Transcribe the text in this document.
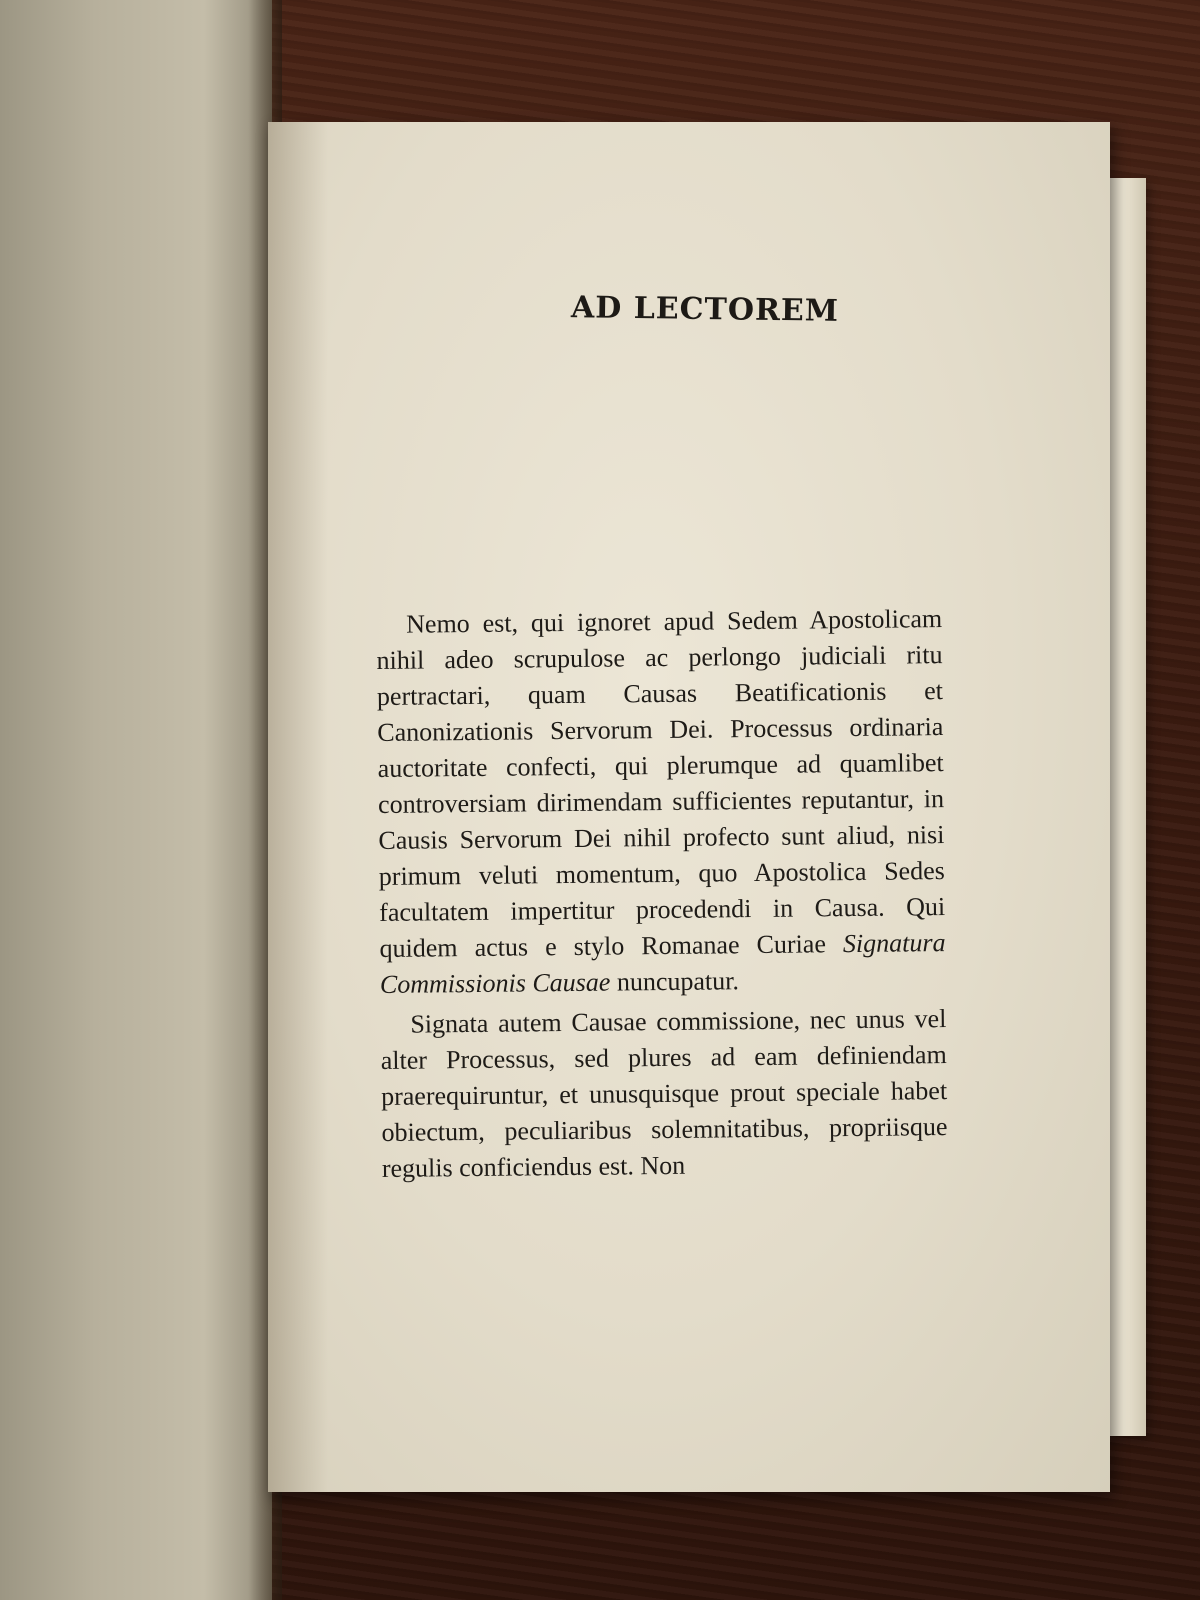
AD LECTOREM

Nemo est, qui ignoret apud Sedem Apostolicam nihil adeo scrupulose ac perlongo judiciali ritu pertractari, quam Causas Beatificationis et Canonizationis Servorum Dei. Processus ordinaria auctoritate confecti, qui plerumque ad quamlibet controversiam dirimendam sufficientes reputantur, in Causis Servorum Dei nihil profecto sunt aliud, nisi primum veluti momentum, quo Apostolica Sedes facultatem impertitur procedendi in Causa. Qui quidem actus e stylo Romanae Curiae Signatura Commissionis Causae nuncupatur.

Signata autem Causae commissione, nec unus vel alter Processus, sed plures ad eam definiendam praerequiruntur, et unusquisque prout speciale habet obiectum, peculiaribus solemnitatibus, propriisque regulis conficiendus est. Non
